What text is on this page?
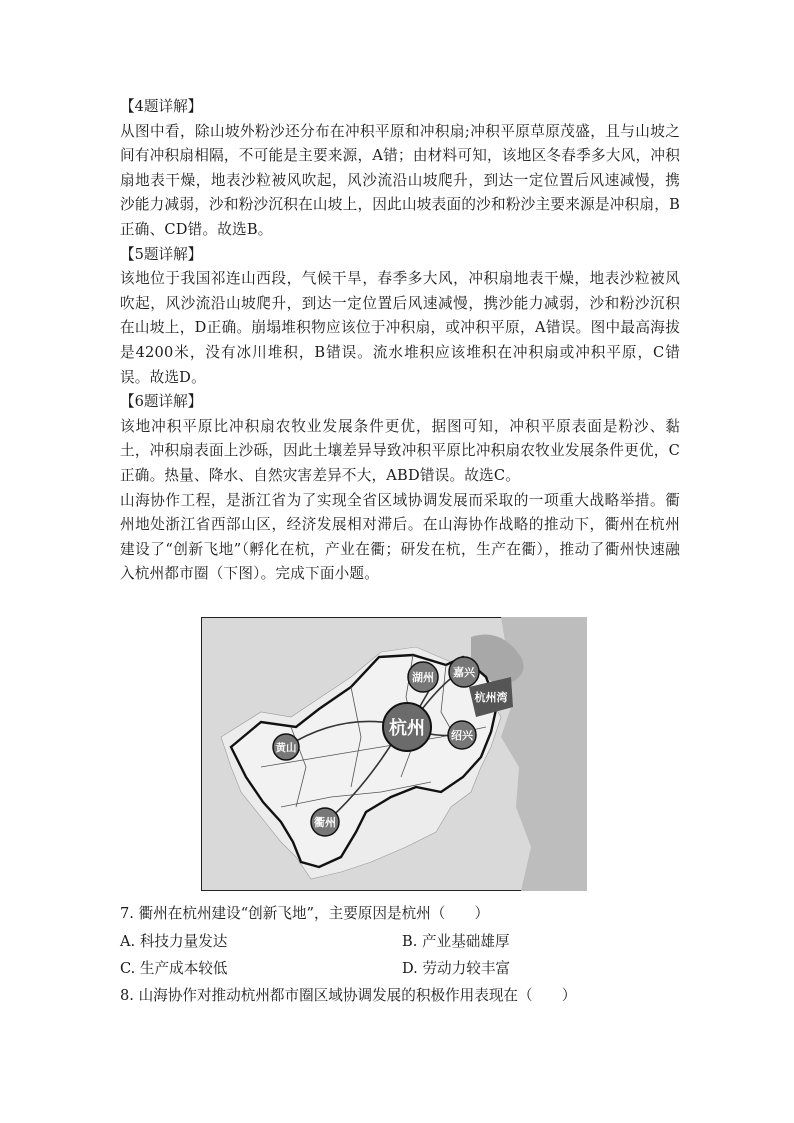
【4题详解】

从图中看，除山坡外粉沙还分布在冲积平原和冲积扇;冲积平原草原茂盛，且与山坡之间有冲积扇相隔，不可能是主要来源，A错；由材料可知，该地区冬春季多大风，冲积扇地表干燥，地表沙粒被风吹起，风沙流沿山坡爬升，到达一定位置后风速减慢，携沙能力减弱，沙和粉沙沉积在山坡上，因此山坡表面的沙和粉沙主要来源是冲积扇，B正确、CD错。故选B。

【5题详解】

该地位于我国祁连山西段，气候干旱，春季多大风，冲积扇地表干燥，地表沙粒被风吹起，风沙流沿山坡爬升，到达一定位置后风速减慢，携沙能力减弱，沙和粉沙沉积在山坡上，D正确。崩塌堆积物应该位于冲积扇，或冲积平原，A错误。图中最高海拔是4200米，没有冰川堆积，B错误。流水堆积应该堆积在冲积扇或冲积平原，C错误。故选D。

【6题详解】

该地冲积平原比冲积扇农牧业发展条件更优，据图可知，冲积平原表面是粉沙、黏土，冲积扇表面上沙砾，因此土壤差异导致冲积平原比冲积扇农牧业发展条件更优，C正确。热量、降水、自然灾害差异不大，ABD错误。故选C。

山海协作工程，是浙江省为了实现全省区域协调发展而采取的一项重大战略举措。衢州地处浙江省西部山区，经济发展相对滞后。在山海协作战略的推动下，衢州在杭州建设了“创新飞地”（孵化在杭，产业在衢；研发在杭，生产在衢），推动了衢州快速融入杭州都市圈（下图）。完成下面小题。

湖州 嘉兴
杭州湾
杭州 绍兴
黄山
衢州
7. 衢州在杭州建设“创新飞地”，主要原因是杭州（　　）
A. 科技力量发达	B. 产业基础雄厚
C. 生产成本较低	D. 劳动力较丰富
8. 山海协作对推动杭州都市圈区域协调发展的积极作用表现在（　　）
